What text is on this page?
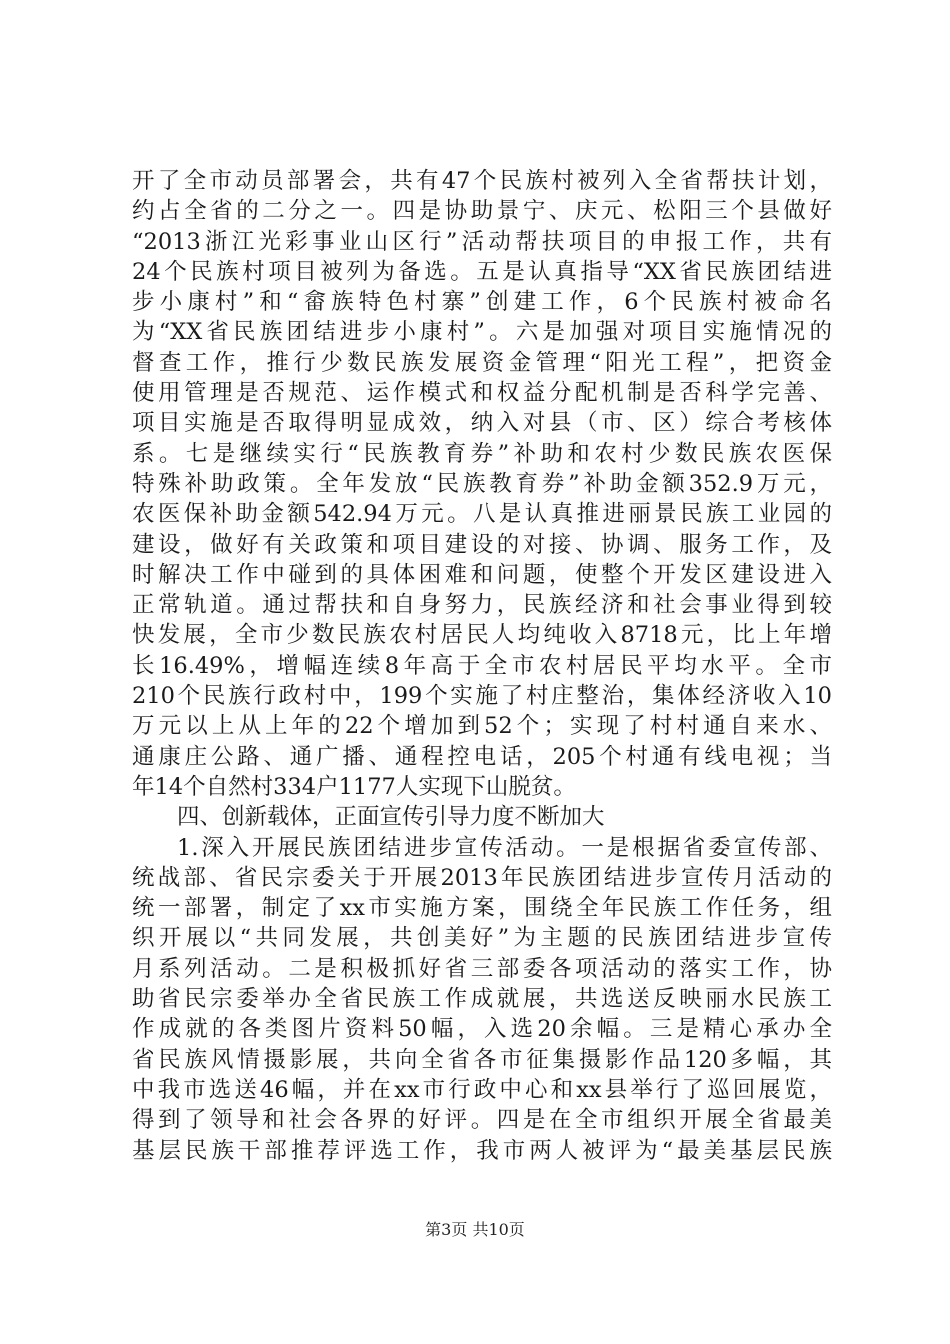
开了全市动员部署会，共有47个民族村被列入全省帮扶计划，
约占全省的二分之一。四是协助景宁、庆元、松阳三个县做好
“2013浙江光彩事业山区行”活动帮扶项目的申报工作，共有
24个民族村项目被列为备选。五是认真指导“XX省民族团结进
步小康村”和“畲族特色村寨”创建工作，6个民族村被命名
为“XX省民族团结进步小康村”。六是加强对项目实施情况的
督查工作，推行少数民族发展资金管理“阳光工程”，把资金
使用管理是否规范、运作模式和权益分配机制是否科学完善、
项目实施是否取得明显成效，纳入对县（市、区）综合考核体
系。七是继续实行“民族教育券”补助和农村少数民族农医保
特殊补助政策。全年发放“民族教育券”补助金额352.9万元，
农医保补助金额542.94万元。八是认真推进丽景民族工业园的
建设，做好有关政策和项目建设的对接、协调、服务工作，及
时解决工作中碰到的具体困难和问题，使整个开发区建设进入
正常轨道。通过帮扶和自身努力，民族经济和社会事业得到较
快发展，全市少数民族农村居民人均纯收入8718元，比上年增
长16.49%，增幅连续8年高于全市农村居民平均水平。全市
210个民族行政村中，199个实施了村庄整治，集体经济收入10
万元以上从上年的22个增加到52个；实现了村村通自来水、
通康庄公路、通广播、通程控电话，205个村通有线电视；当
年14个自然村334户1177人实现下山脱贫。
四、创新载体，正面宣传引导力度不断加大
1.深入开展民族团结进步宣传活动。一是根据省委宣传部、
统战部、省民宗委关于开展2013年民族团结进步宣传月活动的
统一部署，制定了xx市实施方案，围绕全年民族工作任务，组
织开展以“共同发展，共创美好”为主题的民族团结进步宣传
月系列活动。二是积极抓好省三部委各项活动的落实工作，协
助省民宗委举办全省民族工作成就展，共选送反映丽水民族工
作成就的各类图片资料50幅，入选20余幅。三是精心承办全
省民族风情摄影展，共向全省各市征集摄影作品120多幅，其
中我市选送46幅，并在xx市行政中心和xx县举行了巡回展览，
得到了领导和社会各界的好评。四是在全市组织开展全省最美
基层民族干部推荐评选工作，我市两人被评为“最美基层民族
第3页 共10页
